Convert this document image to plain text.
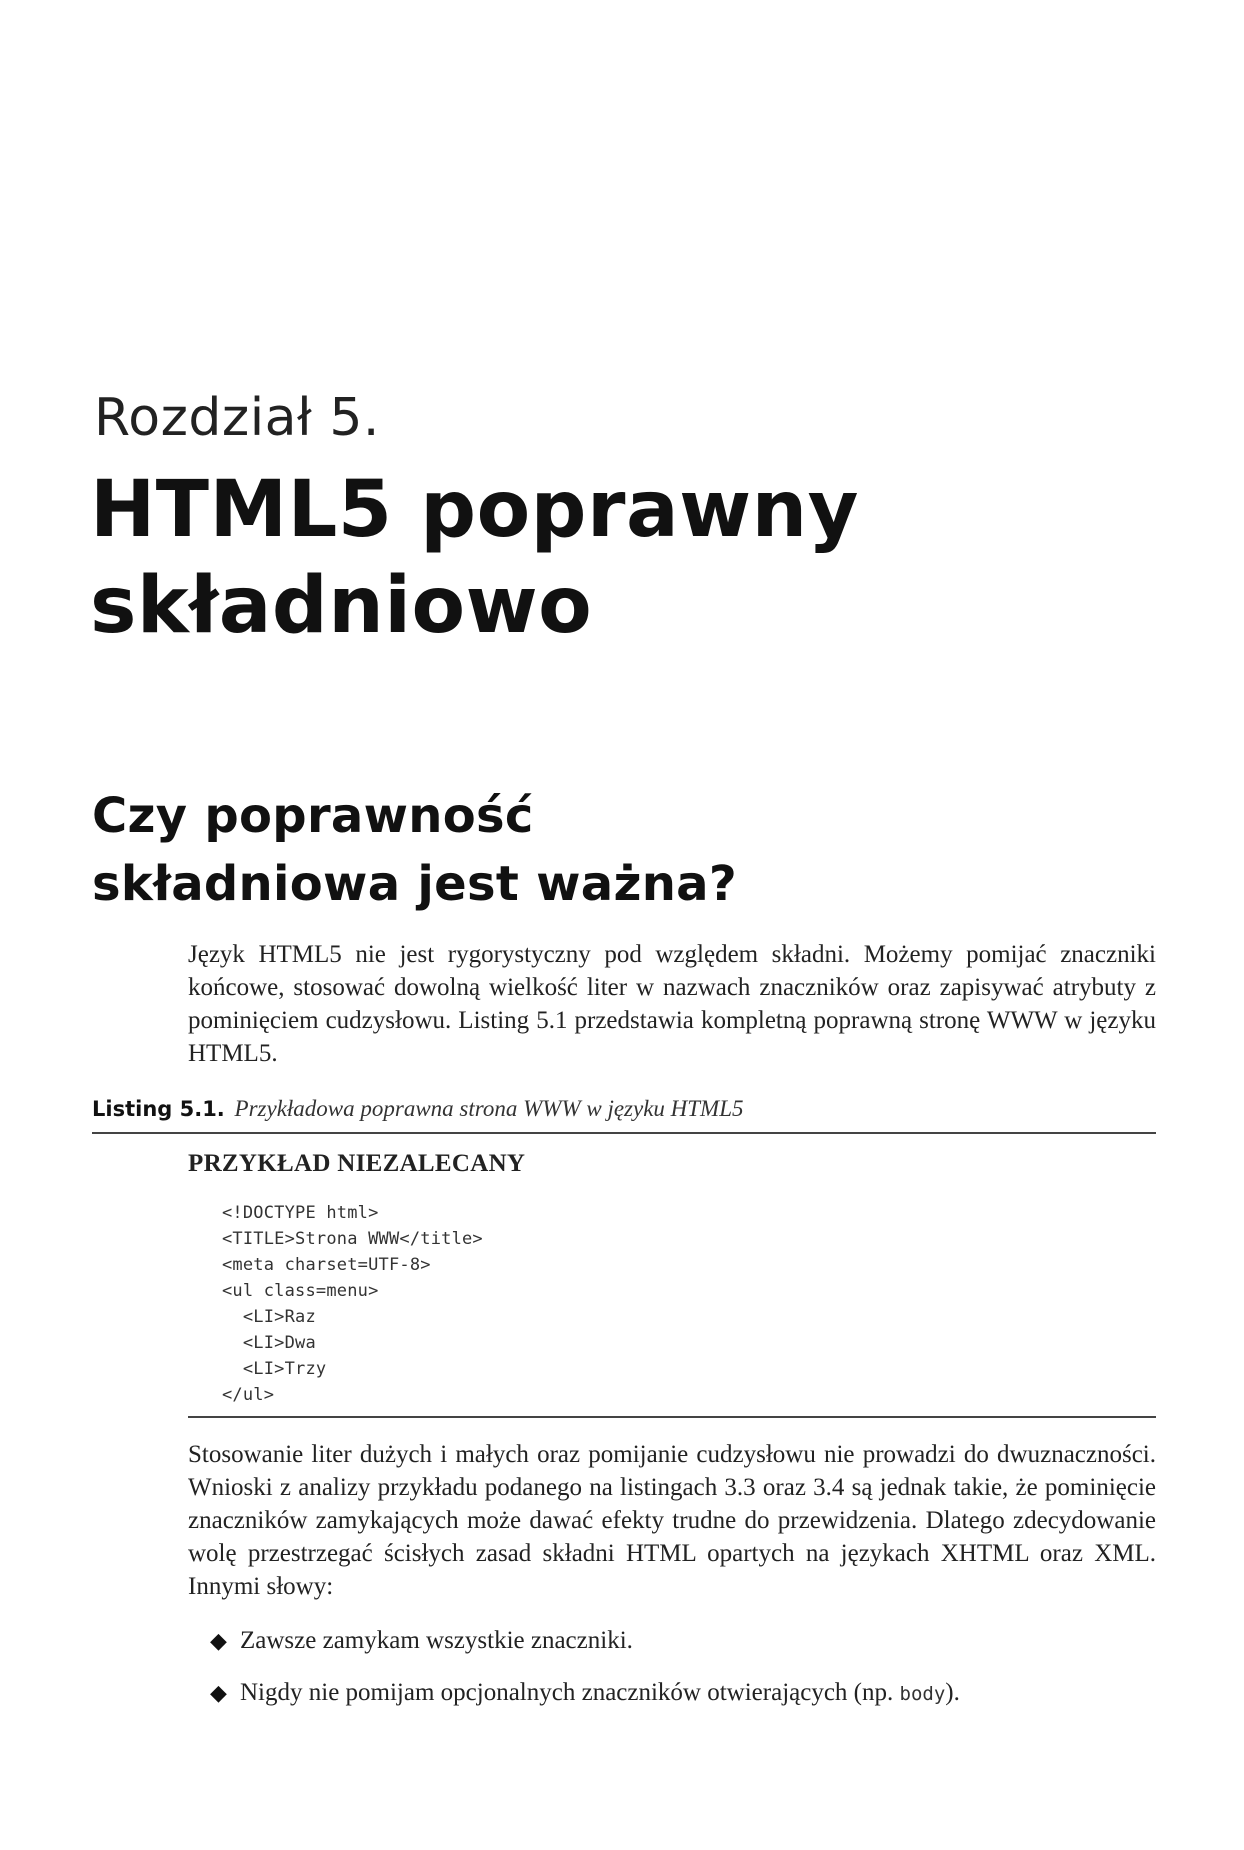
Rozdział 5.
HTML5 poprawny
składniowo
Czy poprawność
składniowa jest ważna?

Język HTML5 nie jest rygorystyczny pod względem składni. Możemy pomijać znaczniki końcowe, stosować dowolną wielkość liter w nazwach znaczników oraz zapisywać atrybuty z pominięciem cudzysłowu. Listing 5.1 przedstawia kompletną poprawną stronę WWW w języku HTML5.

Listing 5.1. Przykładowa poprawna strona WWW w języku HTML5
PRZYKŁAD NIEZALECANY
<!DOCTYPE html>
<TITLE>Strona WWW</title>
<meta charset=UTF-8>
<ul class=menu>
<LI>Raz
<LI>Dwa
<LI>Trzy
</ul>

Stosowanie liter dużych i małych oraz pomijanie cudzysłowu nie prowadzi do dwuznaczności. Wnioski z analizy przykładu podanego na listingach 3.3 oraz 3.4 są jednak takie, że pominięcie znaczników zamykających może dawać efekty trudne do przewidzenia. Dlatego zdecydowanie wolę przestrzegać ścisłych zasad składni HTML opartych na językach XHTML oraz XML. Innymi słowy:

◆ Zawsze zamykam wszystkie znaczniki.
◆ Nigdy nie pomijam opcjonalnych znaczników otwierających (np. body).
